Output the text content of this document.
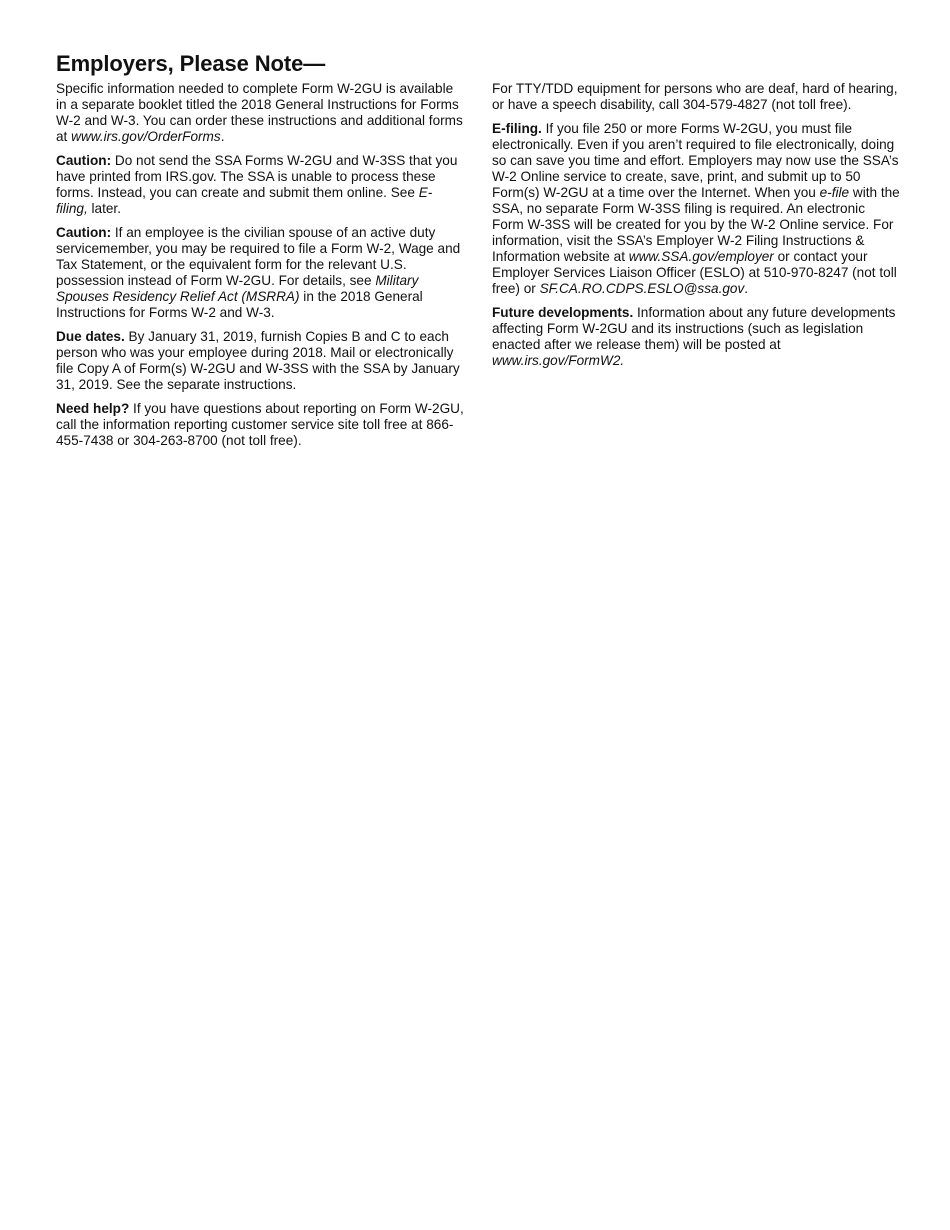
Employers, Please Note—

Specific information needed to complete Form W-2GU is available in a separate booklet titled the 2018 General Instructions for Forms W-2 and W-3. You can order these instructions and additional forms at www.irs.gov/OrderForms.

Caution: Do not send the SSA Forms W-2GU and W-3SS that you have printed from IRS.gov. The SSA is unable to process these forms. Instead, you can create and submit them online. See E-filing, later.

Caution: If an employee is the civilian spouse of an active duty servicemember, you may be required to file a Form W-2, Wage and Tax Statement, or the equivalent form for the relevant U.S. possession instead of Form W-2GU. For details, see Military Spouses Residency Relief Act (MSRRA) in the 2018 General Instructions for Forms W-2 and W-3.

Due dates. By January 31, 2019, furnish Copies B and C to each person who was your employee during 2018. Mail or electronically file Copy A of Form(s) W-2GU and W-3SS with the SSA by January 31, 2019. See the separate instructions.

Need help? If you have questions about reporting on Form W-2GU, call the information reporting customer service site toll free at 866-455-7438 or 304-263-8700 (not toll free).

For TTY/TDD equipment for persons who are deaf, hard of hearing, or have a speech disability, call 304-579-4827 (not toll free).

E-filing. If you file 250 or more Forms W-2GU, you must file electronically. Even if you aren’t required to file electronically, doing so can save you time and effort. Employers may now use the SSA’s W-2 Online service to create, save, print, and submit up to 50 Form(s) W-2GU at a time over the Internet. When you e-file with the SSA, no separate Form W-3SS filing is required. An electronic Form W-3SS will be created for you by the W-2 Online service. For information, visit the SSA’s Employer W-2 Filing Instructions & Information website at www.SSA.gov/employer or contact your Employer Services Liaison Officer (ESLO) at 510-970-8247 (not toll free) or SF.CA.RO.CDPS.ESLO@ssa.gov.

Future developments. Information about any future developments affecting Form W-2GU and its instructions (such as legislation enacted after we release them) will be posted at www.irs.gov/FormW2.
